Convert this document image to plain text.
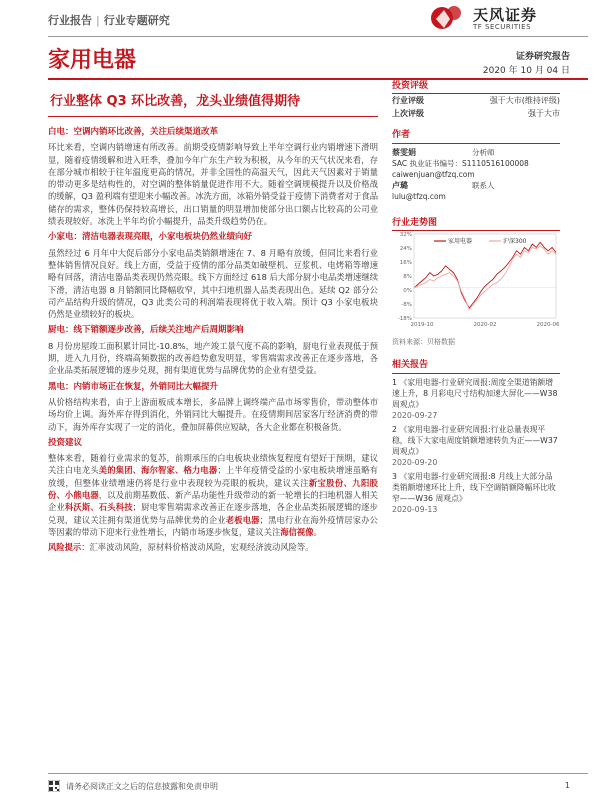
行业报告 | 行业专题研究	天风证券
TF SECURITIES
家用电器	证券研究报告
2020 年 10 月 04 日
行业整体 Q3 环比改善，龙头业绩值得期待
白电：空调内销环比改善，关注后续渠道改革

环比来看，空调内销增速有所改善。前期受疫情影响导致上半年空调行业内销增速下滑明显，随着疫情缓解和进入旺季，叠加今年广东生产较为积极，从今年的天气状况来看，存在部分城市相较于往年温度更高的情况，并非全国性的高温天气，因此天气因素对于销量的带动更多是结构性的，对空调的整体销量促进作用不大。随着空调规模提升以及价格战的缓解，Q3 盈利端有望迎来小幅改善。冰洗方面，冰箱外销受益于疫情下消费者对于食品储存的需求，整体仍保持较高增长，出口销量的明显增加使部分出口额占比较高的公司业绩表现较好。冰洗上半年均价小幅提升，品类升级趋势仍在。

小家电：清洁电器表现亮眼，小家电板块仍然业绩向好

虽然经过 6 月年中大促后部分小家电品类销额增速在 7、8 月略有放缓，但同比来看行业整体销售情况良好。线上方面，受益于疫情的部分品类如破壁机、豆浆机、电烤箱等增速略有回落，清洁电器品类表现仍然亮眼。线下方面经过 618 后大部分厨小电品类增速继续下滑，清洁电器 8 月销额同比降幅收窄，其中扫地机器人品类表现出色。延续 Q2 部分公司产品结构升级的情况，Q3 此类公司的利润端表现将优于收入端。预计 Q3 小家电板块仍然是业绩较好的板块。

厨电：线下销额逐步改善，后续关注地产后周期影响

8 月份房屋竣工面积累计同比-10.8%，地产竣工景气度不高的影响，厨电行业表现低于预期，进入九月份，终端高频数据的改善趋势愈发明显，零售端需求改善正在逐步落地，各企业品类拓展逻辑的逐步兑现，拥有渠道优势与品牌优势的企业有望受益。

黑电：内销市场正在恢复，外销同比大幅提升

从价格结构来看，由于上游面板成本增长，多品牌上调终端产品市场零售价，带动整体市场均价上调。海外库存得到消化，外销同比大幅提升。在疫情期间居家客厅经济消费的带动下，海外库存实现了一定的消化，叠加屏幕供应短缺，各大企业都在积极备货。

投资建议

整体来看，随着行业需求的复苏，前期承压的白电板块业绩恢复程度有望好于预期，建议关注白电龙头美的集团、海尔智家、格力电器；上半年疫情受益的小家电板块增速虽略有放缓，但整体业绩增速仍将是行业中表现较为亮眼的板块，建议关注新宝股份、九阳股份、小熊电器，以及前期基数低、新产品功能性升级带动的新一轮增长的扫地机器人相关企业科沃斯、石头科技；厨电零售端需求改善正在逐步落地，各企业品类拓展逻辑的逐步兑现，建议关注拥有渠道优势与品牌优势的企业老板电器；黑电行业在海外疫情居家办公等因素的带动下迎来行业性增长，内销市场逐步恢复，建议关注海信视像。

风险提示：汇率波动风险，原材料价格波动风险，宏观经济波动风险等。

投资评级
行业评级	强于大市(维持评级)
上次评级	强于大市
作者
蔡雯娟	分析师
SAC 执业证书编号：S1110516100008
caiwenjuan@tfzq.com
卢璐	联系人
lulu@tfzq.com
行业走势图
32%
24%
16%
8%
0%
-8%
-18%
2019-10	2020-02	2020-06
家用电器	沪深300
资料来源：贝格数据
相关报告
1 《家用电器-行业研究周报:周度全渠道销额增速上升，8 月彩电尺寸结构加速大屏化——W38 周观点》
2020-09-27
2 《家用电器-行业研究周报:行业总量表现平稳，线下大家电周度销额增速转负为正——W37 周观点》
2020-09-20
3 《家用电器-行业研究周报:8 月线上大部分品类销额增速环比上升，线下空调销额降幅环比收窄——W36 周观点》
2020-09-13
请务必阅读正文之后的信息披露和免责申明	1
